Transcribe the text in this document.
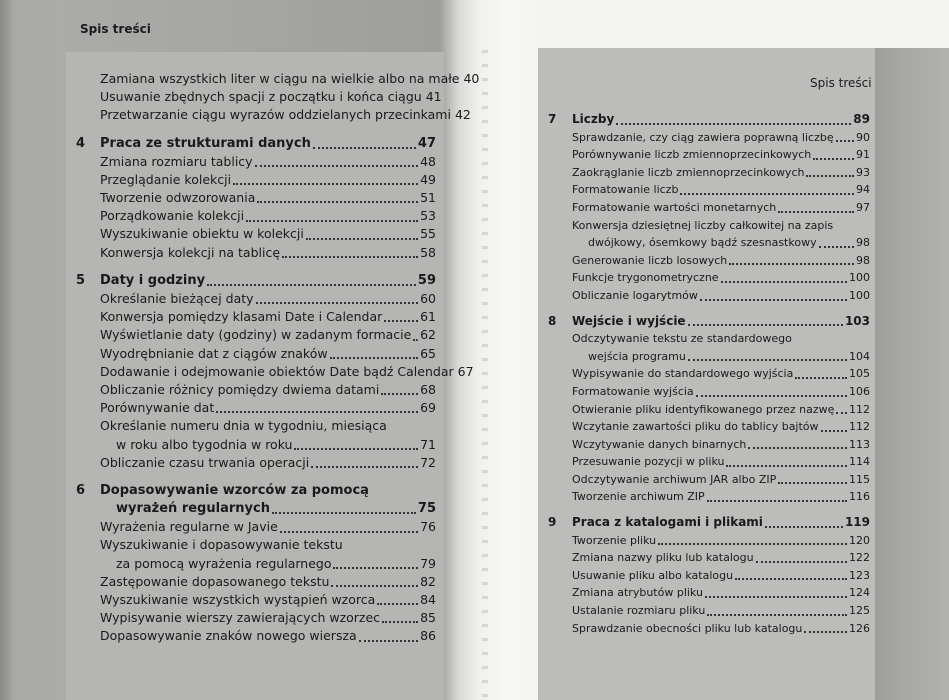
Spis treści
Spis treści
Zamiana wszystkich liter w ciągu na wielkie albo na małe 40
Usuwanie zbędnych spacji z początku i końca ciągu 41
Przetwarzanie ciągu wyrazów oddzielanych przecinkami 42
4	Praca ze strukturami danych	47
Zmiana rozmiaru tablicy	48
Przeglądanie kolekcji	49
Tworzenie odwzorowania	51
Porządkowanie kolekcji	53
Wyszukiwanie obiektu w kolekcji	55
Konwersja kolekcji na tablicę	58
5	Daty i godziny	59
Określanie bieżącej daty	60
Konwersja pomiędzy klasami Date i Calendar	61
Wyświetlanie daty (godziny) w zadanym formacie 62
Wyodrębnianie dat z ciągów znaków	65
Dodawanie i odejmowanie obiektów Date bądź Calendar 67
Obliczanie różnicy pomiędzy dwiema datami	68
Porównywanie dat	69
Określanie numeru dnia w tygodniu, miesiąca
w roku albo tygodnia w roku	71
Obliczanie czasu trwania operacji	72
6	Dopasowywanie wzorców za pomocą
wyrażeń regularnych	75
Wyrażenia regularne w Javie	76
Wyszukiwanie i dopasowywanie tekstu
za pomocą wyrażenia regularnego	79
Zastępowanie dopasowanego tekstu	82
Wyszukiwanie wszystkich wystąpień wzorca	84
Wypisywanie wierszy zawierających wzorzec	85
Dopasowywanie znaków nowego wiersza	86
7	Liczby	89
Sprawdzanie, czy ciąg zawiera poprawną liczbę 90
Porównywanie liczb zmiennoprzecinkowych	91
Zaokrąglanie liczb zmiennoprzecinkowych	93
Formatowanie liczb	94
Formatowanie wartości monetarnych	97
Konwersja dziesiętnej liczby całkowitej na zapis
dwójkowy, ósemkowy bądź szesnastkowy	98
Generowanie liczb losowych	98
Funkcje trygonometryczne	100
Obliczanie logarytmów	100
8	Wejście i wyjście	103
Odczytywanie tekstu ze standardowego
wejścia programu	104
Wypisywanie do standardowego wyjścia	105
Formatowanie wyjścia	106
Otwieranie pliku identyfikowanego przez nazwę 112
Wczytanie zawartości pliku do tablicy bajtów	112
Wczytywanie danych binarnych	113
Przesuwanie pozycji w pliku	114
Odczytywanie archiwum JAR albo ZIP	115
Tworzenie archiwum ZIP	116
9	Praca z katalogami i plikami	119
Tworzenie pliku	120
Zmiana nazwy pliku lub katalogu	122
Usuwanie pliku albo katalogu	123
Zmiana atrybutów pliku	124
Ustalanie rozmiaru pliku	125
Sprawdzanie obecności pliku lub katalogu	126
